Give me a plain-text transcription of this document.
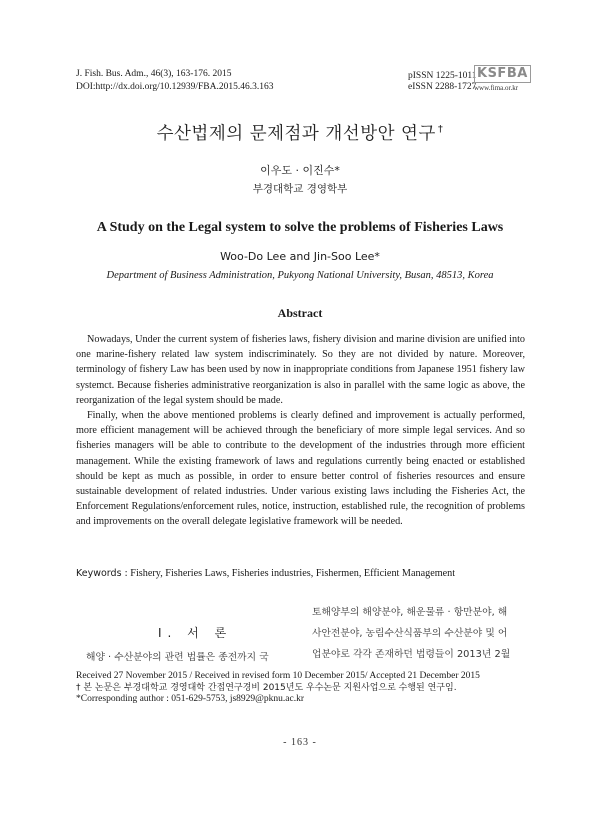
J. Fish. Bus. Adm., 46(3), 163-176. 2015
DOI:http://dx.doi.org/10.12939/FBA.2015.46.3.163
pISSN 1225-1011
eISSN 2288-1727
KSFBA
www.fima.or.kr
수산법제의 문제점과 개선방안 연구 †
이우도 · 이진수*
부경대학교 경영학부
A Study on the Legal system to solve the problems of Fisheries Laws
Woo-Do Lee and Jin-Soo Lee*
Department of Business Administration, Pukyong National University, Busan, 48513, Korea
Abstract

Nowadays, Under the current system of fisheries laws, fishery division and marine division are unified into one marine-fishery related law system indiscriminately. So they are not divided by nature. Moreover, terminology of fishery Law has been used by now in inappropriate conditions from Japanese 1951 fishery law systemct. Because fisheries administrative reorganization is also in parallel with the same logic as above, the reorganization of the legal system should be made.

Finally, when the above mentioned problems is clearly defined and improvement is actually performed, more efficient management will be achieved through the beneficiary of more simple legal services. And so fisheries managers will be able to contribute to the development of the industries through more efficient management. While the existing framework of laws and regulations currently being enacted or established should be kept as much as possible, in order to ensure better control of fisheries resources and ensure sustainable development of related industries. Under various existing laws including the Fisheries Act, the Enforcement Regulations/enforcement rules, notice, instruction, established rule, the recognition of problems and improvements on the overall delegate legislative framework will be needed.

Keywords : Fishery, Fisheries Laws, Fisheries industries, Fishermen, Efficient Management
Ⅰ. 서 론
해양 · 수산분야의 관련 법률은 종전까지 국
토해양부의 해양분야, 해운물류 · 항만분야, 해
사안전분야, 농림수산식품부의 수산분야 및 어
업분야로 각각 존재하던 법령들이 2013년 2월
Received 27 November 2015 / Received in revised form 10 December 2015/ Accepted 21 December 2015
† 본 논문은 부경대학교 경영대학 간접연구경비 2015년도 우수논문 지원사업으로 수행된 연구임.
*Corresponding author : 051-629-5753, js8929@pknu.ac.kr
- 163 -
